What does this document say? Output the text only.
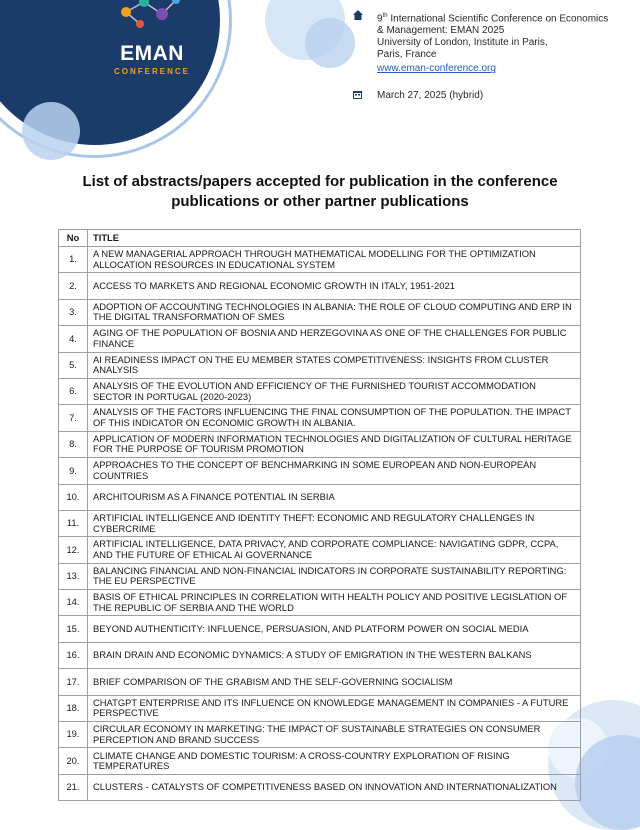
EMAN
CONFERENCE
9th International Scientific Conference on Economics & Management: EMAN 2025
University of London, Institute in Paris,
Paris, France
www.eman-conference.org
March 27, 2025 (hybrid)
List of abstracts/papers accepted for publication in the conference
publications or other partner publications
No	TITLE
1.	A NEW MANAGERIAL APPROACH THROUGH MATHEMATICAL MODELLING FOR THE OPTIMIZATION ALLOCATION RESOURCES IN EDUCATIONAL SYSTEM
2.	ACCESS TO MARKETS AND REGIONAL ECONOMIC GROWTH IN ITALY, 1951-2021
3.	ADOPTION OF ACCOUNTING TECHNOLOGIES IN ALBANIA: THE ROLE OF CLOUD COMPUTING AND ERP IN THE DIGITAL TRANSFORMATION OF SMES
4.	AGING OF THE POPULATION OF BOSNIA AND HERZEGOVINA AS ONE OF THE CHALLENGES FOR PUBLIC FINANCE
5.	AI READINESS IMPACT ON THE EU MEMBER STATES COMPETITIVENESS: INSIGHTS FROM CLUSTER ANALYSIS
6.	ANALYSIS OF THE EVOLUTION AND EFFICIENCY OF THE FURNISHED TOURIST ACCOMMODATION SECTOR IN PORTUGAL (2020-2023)
7.	ANALYSIS OF THE FACTORS INFLUENCING THE FINAL CONSUMPTION OF THE POPULATION. THE IMPACT OF THIS INDICATOR ON ECONOMIC GROWTH IN ALBANIA.
8.	APPLICATION OF MODERN INFORMATION TECHNOLOGIES AND DIGITALIZATION OF CULTURAL HERITAGE FOR THE PURPOSE OF TOURISM PROMOTION
9.	APPROACHES TO THE CONCEPT OF BENCHMARKING IN SOME EUROPEAN AND NON-EUROPEAN COUNTRIES
10.	ARCHITOURISM AS A FINANCE POTENTIAL IN SERBIA
11.	ARTIFICIAL INTELLIGENCE AND IDENTITY THEFT: ECONOMIC AND REGULATORY CHALLENGES IN CYBERCRIME
12.	ARTIFICIAL INTELLIGENCE, DATA PRIVACY, AND CORPORATE COMPLIANCE: NAVIGATING GDPR, CCPA, AND THE FUTURE OF ETHICAL AI GOVERNANCE
13.	BALANCING FINANCIAL AND NON-FINANCIAL INDICATORS IN CORPORATE SUSTAINABILITY REPORTING: THE EU PERSPECTIVE
14.	BASIS OF ETHICAL PRINCIPLES IN CORRELATION WITH HEALTH POLICY AND POSITIVE LEGISLATION OF THE REPUBLIC OF SERBIA AND THE WORLD
15.	BEYOND AUTHENTICITY: INFLUENCE, PERSUASION, AND PLATFORM POWER ON SOCIAL MEDIA
16.	BRAIN DRAIN AND ECONOMIC DYNAMICS: A STUDY OF EMIGRATION IN THE WESTERN BALKANS
17.	BRIEF COMPARISON OF THE GRABISM AND THE SELF-GOVERNING SOCIALISM
18.	CHATGPT ENTERPRISE AND ITS INFLUENCE ON KNOWLEDGE MANAGEMENT IN COMPANIES - A FUTURE PERSPECTIVE
19.	CIRCULAR ECONOMY IN MARKETING: THE IMPACT OF SUSTAINABLE STRATEGIES ON CONSUMER PERCEPTION AND BRAND SUCCESS
20.	CLIMATE CHANGE AND DOMESTIC TOURISM: A CROSS-COUNTRY EXPLORATION OF RISING TEMPERATURES
21.	CLUSTERS - CATALYSTS OF COMPETITIVENESS BASED ON INNOVATION AND INTERNATIONALIZATION
